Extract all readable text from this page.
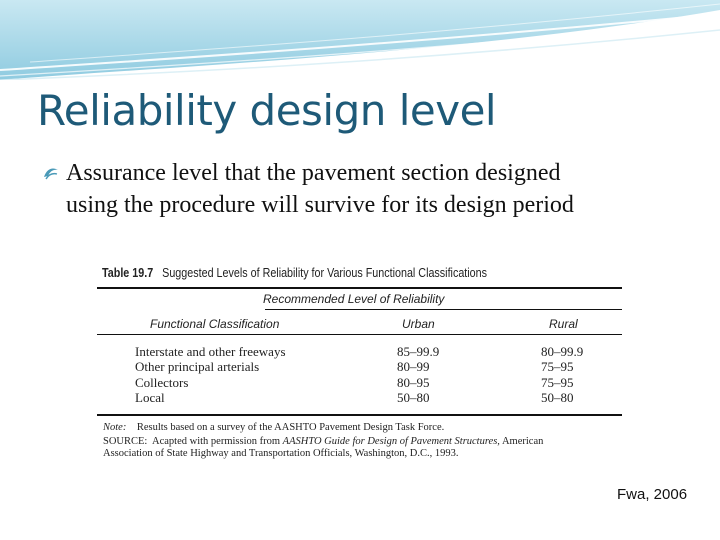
Reliability design level
Assurance level that the pavement section designed
using the procedure will survive for its design period
Table 19.7 Suggested Levels of Reliability for Various Functional Classifications
Recommended Level of Reliability
Functional Classification	Urban	Rural
Interstate and other freeways	85–99.9	80–99.9
Other principal arterials	80–99	75–95
Collectors	80–95	75–95
Local	50–80	50–80
Note: Results based on a survey of the AASHTO Pavement Design Task Force.
SOURCE: Acapted with permission from AASHTO Guide for Design of Pavement Structures, American
Association of State Highway and Transportation Officials, Washington, D.C., 1993.
Fwa, 2006
